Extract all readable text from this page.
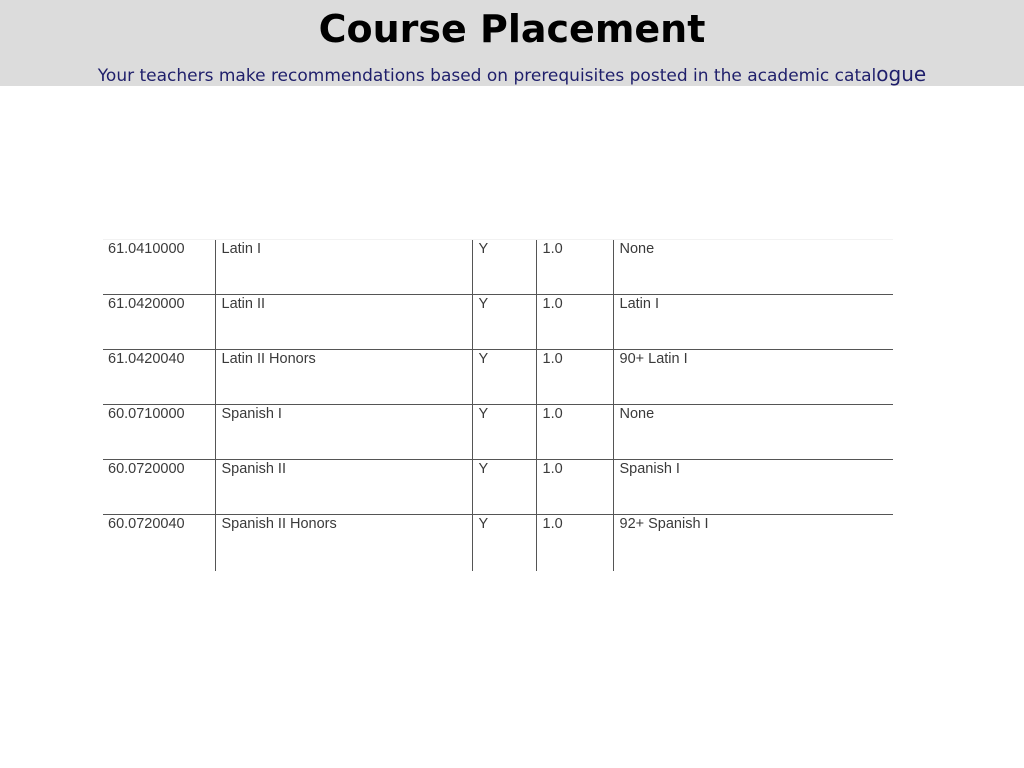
Course Placement

Your teachers make recommendations based on prerequisites posted in the academic catalogue

61.0410000	Latin I	Y	1.0	None
61.0420000	Latin II	Y	1.0	Latin I
61.0420040	Latin II Honors	Y	1.0	90+ Latin I
60.0710000	Spanish I	Y	1.0	None
60.0720000	Spanish II	Y	1.0	Spanish I
60.0720040	Spanish II Honors	Y	1.0	92+ Spanish I
